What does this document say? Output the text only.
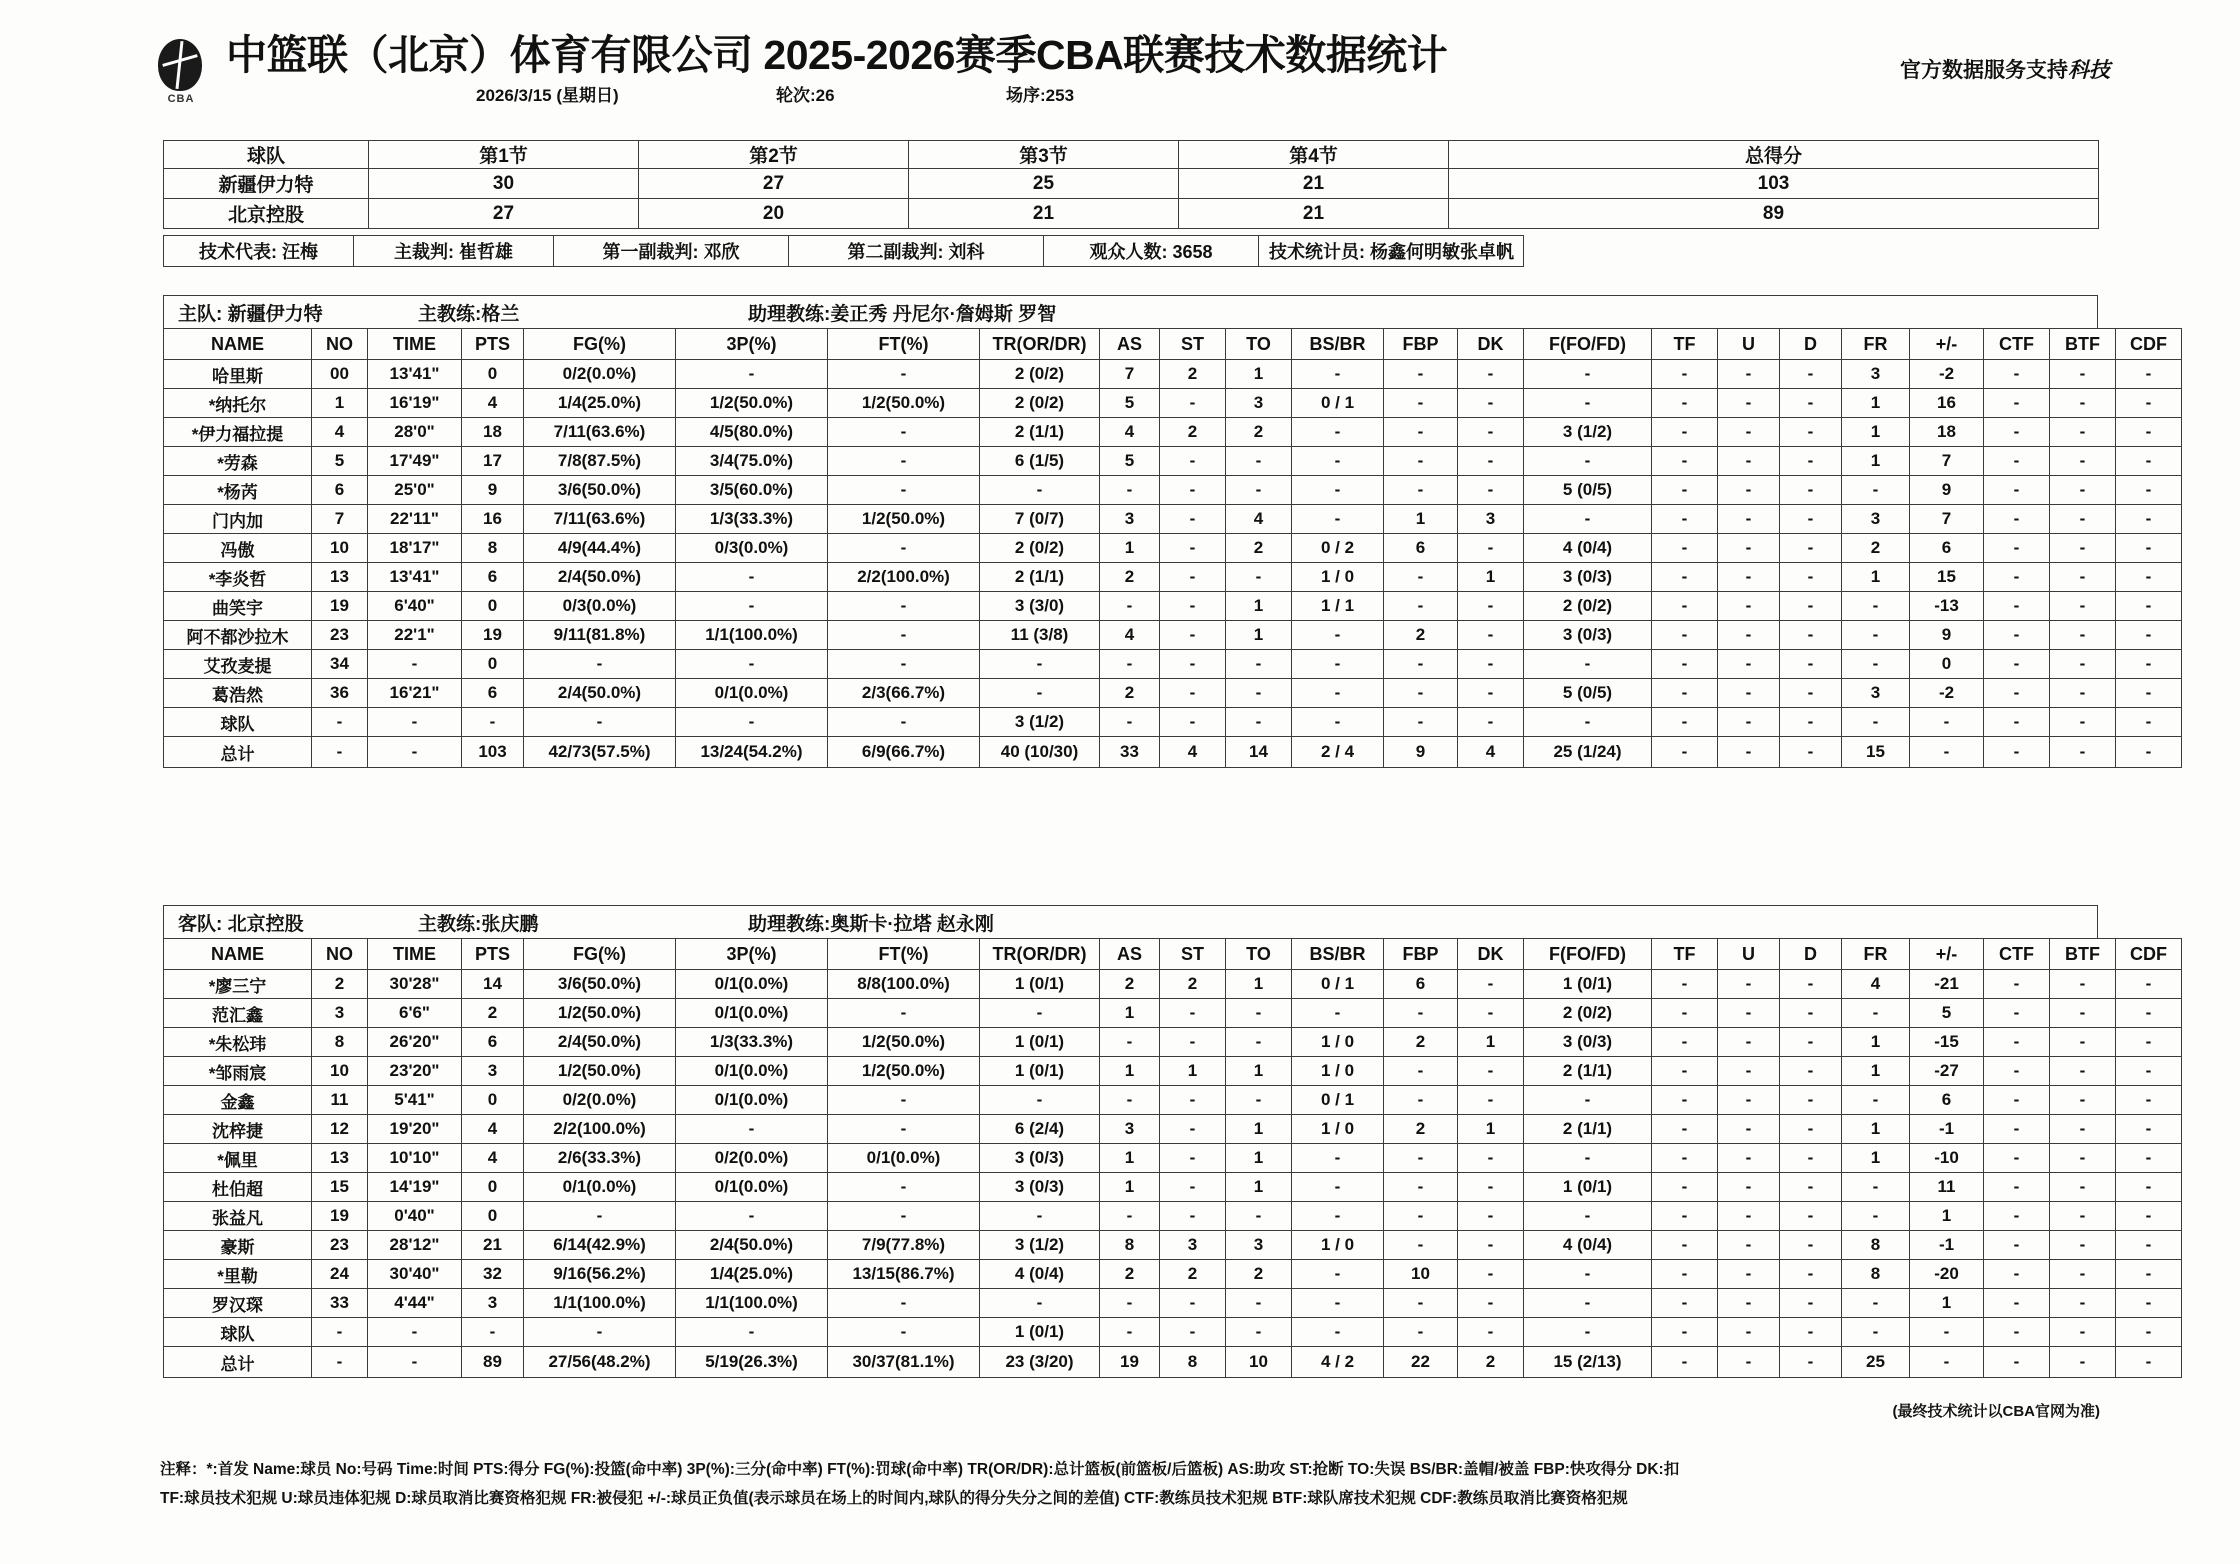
CBA
中篮联（北京）体育有限公司 2025-2026赛季CBA联赛技术数据统计
2026/3/15 (星期日)	轮次:26	场序:253
官方数据服务支持科技
球队	第1节	第2节	第3节	第4节	总得分
新疆伊力特	30	27	25	21	103
北京控股	27	20	21	21	89
技术代表: 汪梅	主裁判: 崔哲雄	第一副裁判: 邓欣	第二副裁判: 刘科	观众人数: 3658	技术统计员: 杨鑫何明敏张卓帆
主队: 新疆伊力特	主教练:格兰	助理教练:姜正秀 丹尼尔·詹姆斯 罗智
NAME	NO	TIME	PTS	FG(%)	3P(%)	FT(%)	TR(OR/DR)	AS	ST	TO	BS/BR	FBP	DK	F(FO/FD)	TF	U	D	FR	+/-	CTF	BTF	CDF
哈里斯	00	13'41"	0	0/2(0.0%)	-	-	2 (0/2)	7	2	1	-	-	-	-	-	-	-	3	-2	-	-	-
*纳托尔	1	16'19"	4	1/4(25.0%)	1/2(50.0%)	1/2(50.0%)	2 (0/2)	5	-	3	0 / 1	-	-	-	-	-	-	1	16	-	-	-
*伊力福拉提	4	28'0"	18	7/11(63.6%)	4/5(80.0%)	-	2 (1/1)	4	2	2	-	-	-	3 (1/2)	-	-	-	1	18	-	-	-
*劳森	5	17'49"	17	7/8(87.5%)	3/4(75.0%)	-	6 (1/5)	5	-	-	-	-	-	-	-	-	-	1	7	-	-	-
*杨芮	6	25'0"	9	3/6(50.0%)	3/5(60.0%)	-	-	-	-	-	-	-	-	5 (0/5)	-	-	-	-	9	-	-	-
门内加	7	22'11"	16	7/11(63.6%)	1/3(33.3%)	1/2(50.0%)	7 (0/7)	3	-	4	-	1	3	-	-	-	-	3	7	-	-	-
冯傲	10	18'17"	8	4/9(44.4%)	0/3(0.0%)	-	2 (0/2)	1	-	2	0 / 2	6	-	4 (0/4)	-	-	-	2	6	-	-	-
*李炎哲	13	13'41"	6	2/4(50.0%)	-	2/2(100.0%)	2 (1/1)	2	-	-	1 / 0	-	1	3 (0/3)	-	-	-	1	15	-	-	-
曲笑宇	19	6'40"	0	0/3(0.0%)	-	-	3 (3/0)	-	-	1	1 / 1	-	-	2 (0/2)	-	-	-	-	-13	-	-	-
阿不都沙拉木	23	22'1"	19	9/11(81.8%)	1/1(100.0%)	-	11 (3/8)	4	-	1	-	2	-	3 (0/3)	-	-	-	-	9	-	-	-
艾孜麦提	34	-	0	-	-	-	-	-	-	-	-	-	-	-	-	-	-	-	0	-	-	-
葛浩然	36	16'21"	6	2/4(50.0%)	0/1(0.0%)	2/3(66.7%)	-	2	-	-	-	-	-	5 (0/5)	-	-	-	3	-2	-	-	-
球队	-	-	-	-	-	-	3 (1/2)	-	-	-	-	-	-	-	-	-	-	-	-	-	-	-
总计	-	-	103	42/73(57.5%)	13/24(54.2%)	6/9(66.7%)	40 (10/30)	33	4	14	2 / 4	9	4	25 (1/24)	-	-	-	15	-	-	-	-
客队: 北京控股	主教练:张庆鹏	助理教练:奥斯卡·拉塔 赵永刚
NAME	NO	TIME	PTS	FG(%)	3P(%)	FT(%)	TR(OR/DR)	AS	ST	TO	BS/BR	FBP	DK	F(FO/FD)	TF	U	D	FR	+/-	CTF	BTF	CDF
*廖三宁	2	30'28"	14	3/6(50.0%)	0/1(0.0%)	8/8(100.0%)	1 (0/1)	2	2	1	0 / 1	6	-	1 (0/1)	-	-	-	4	-21	-	-	-
范汇鑫	3	6'6"	2	1/2(50.0%)	0/1(0.0%)	-	-	1	-	-	-	-	-	2 (0/2)	-	-	-	-	5	-	-	-
*朱松玮	8	26'20"	6	2/4(50.0%)	1/3(33.3%)	1/2(50.0%)	1 (0/1)	-	-	-	1 / 0	2	1	3 (0/3)	-	-	-	1	-15	-	-	-
*邹雨宸	10	23'20"	3	1/2(50.0%)	0/1(0.0%)	1/2(50.0%)	1 (0/1)	1	1	1	1 / 0	-	-	2 (1/1)	-	-	-	1	-27	-	-	-
金鑫	11	5'41"	0	0/2(0.0%)	0/1(0.0%)	-	-	-	-	-	0 / 1	-	-	-	-	-	-	-	6	-	-	-
沈梓捷	12	19'20"	4	2/2(100.0%)	-	-	6 (2/4)	3	-	1	1 / 0	2	1	2 (1/1)	-	-	-	1	-1	-	-	-
*佩里	13	10'10"	4	2/6(33.3%)	0/2(0.0%)	0/1(0.0%)	3 (0/3)	1	-	1	-	-	-	-	-	-	-	1	-10	-	-	-
杜伯超	15	14'19"	0	0/1(0.0%)	0/1(0.0%)	-	3 (0/3)	1	-	1	-	-	-	1 (0/1)	-	-	-	-	11	-	-	-
张益凡	19	0'40"	0	-	-	-	-	-	-	-	-	-	-	-	-	-	-	-	1	-	-	-
豪斯	23	28'12"	21	6/14(42.9%)	2/4(50.0%)	7/9(77.8%)	3 (1/2)	8	3	3	1 / 0	-	-	4 (0/4)	-	-	-	8	-1	-	-	-
*里勒	24	30'40"	32	9/16(56.2%)	1/4(25.0%)	13/15(86.7%)	4 (0/4)	2	2	2	-	10	-	-	-	-	-	8	-20	-	-	-
罗汉琛	33	4'44"	3	1/1(100.0%)	1/1(100.0%)	-	-	-	-	-	-	-	-	-	-	-	-	-	1	-	-	-
球队	-	-	-	-	-	-	1 (0/1)	-	-	-	-	-	-	-	-	-	-	-	-	-	-	-
总计	-	-	89	27/56(48.2%)	5/19(26.3%)	30/37(81.1%)	23 (3/20)	19	8	10	4 / 2	22	2	15 (2/13)	-	-	-	25	-	-	-	-
(最终技术统计以CBA官网为准)
注释：*:首发 Name:球员 No:号码 Time:时间 PTS:得分 FG(%):投篮(命中率) 3P(%):三分(命中率) FT(%):罚球(命中率) TR(OR/DR):总计篮板(前篮板/后篮板) AS:助攻 ST:抢断 TO:失误 BS/BR:盖帽/被盖 FBP:快攻得分 DK:扣
TF:球员技术犯规 U:球员违体犯规 D:球员取消比赛资格犯规 FR:被侵犯 +/-:球员正负值(表示球员在场上的时间内,球队的得分失分之间的差值) CTF:教练员技术犯规 BTF:球队席技术犯规 CDF:教练员取消比赛资格犯规
